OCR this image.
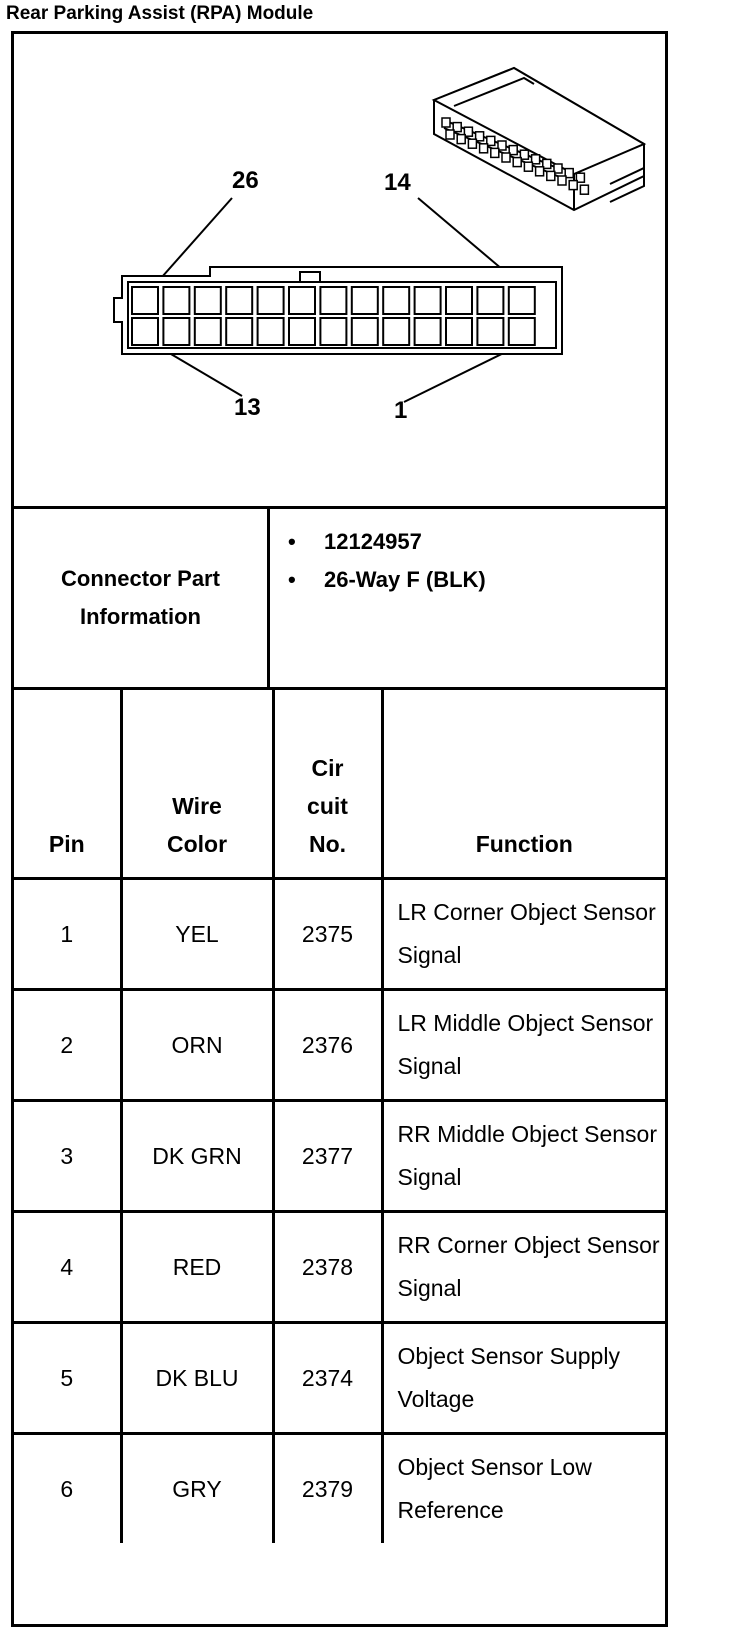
Rear Parking Assist (RPA) Module
26	14
13	1
Connector Part Information
• 12124957
• 26-Way F (BLK)
Pin	Wire Color	Cir cuit No.	Function
1	YEL	2375	LR Corner Object Sensor Signal
2	ORN	2376	LR Middle Object Sensor Signal
3	DK GRN	2377	RR Middle Object Sensor Signal
4	RED	2378	RR Corner Object Sensor Signal
5	DK BLU	2374	Object Sensor Supply Voltage
6	GRY	2379	Object Sensor Low Reference
